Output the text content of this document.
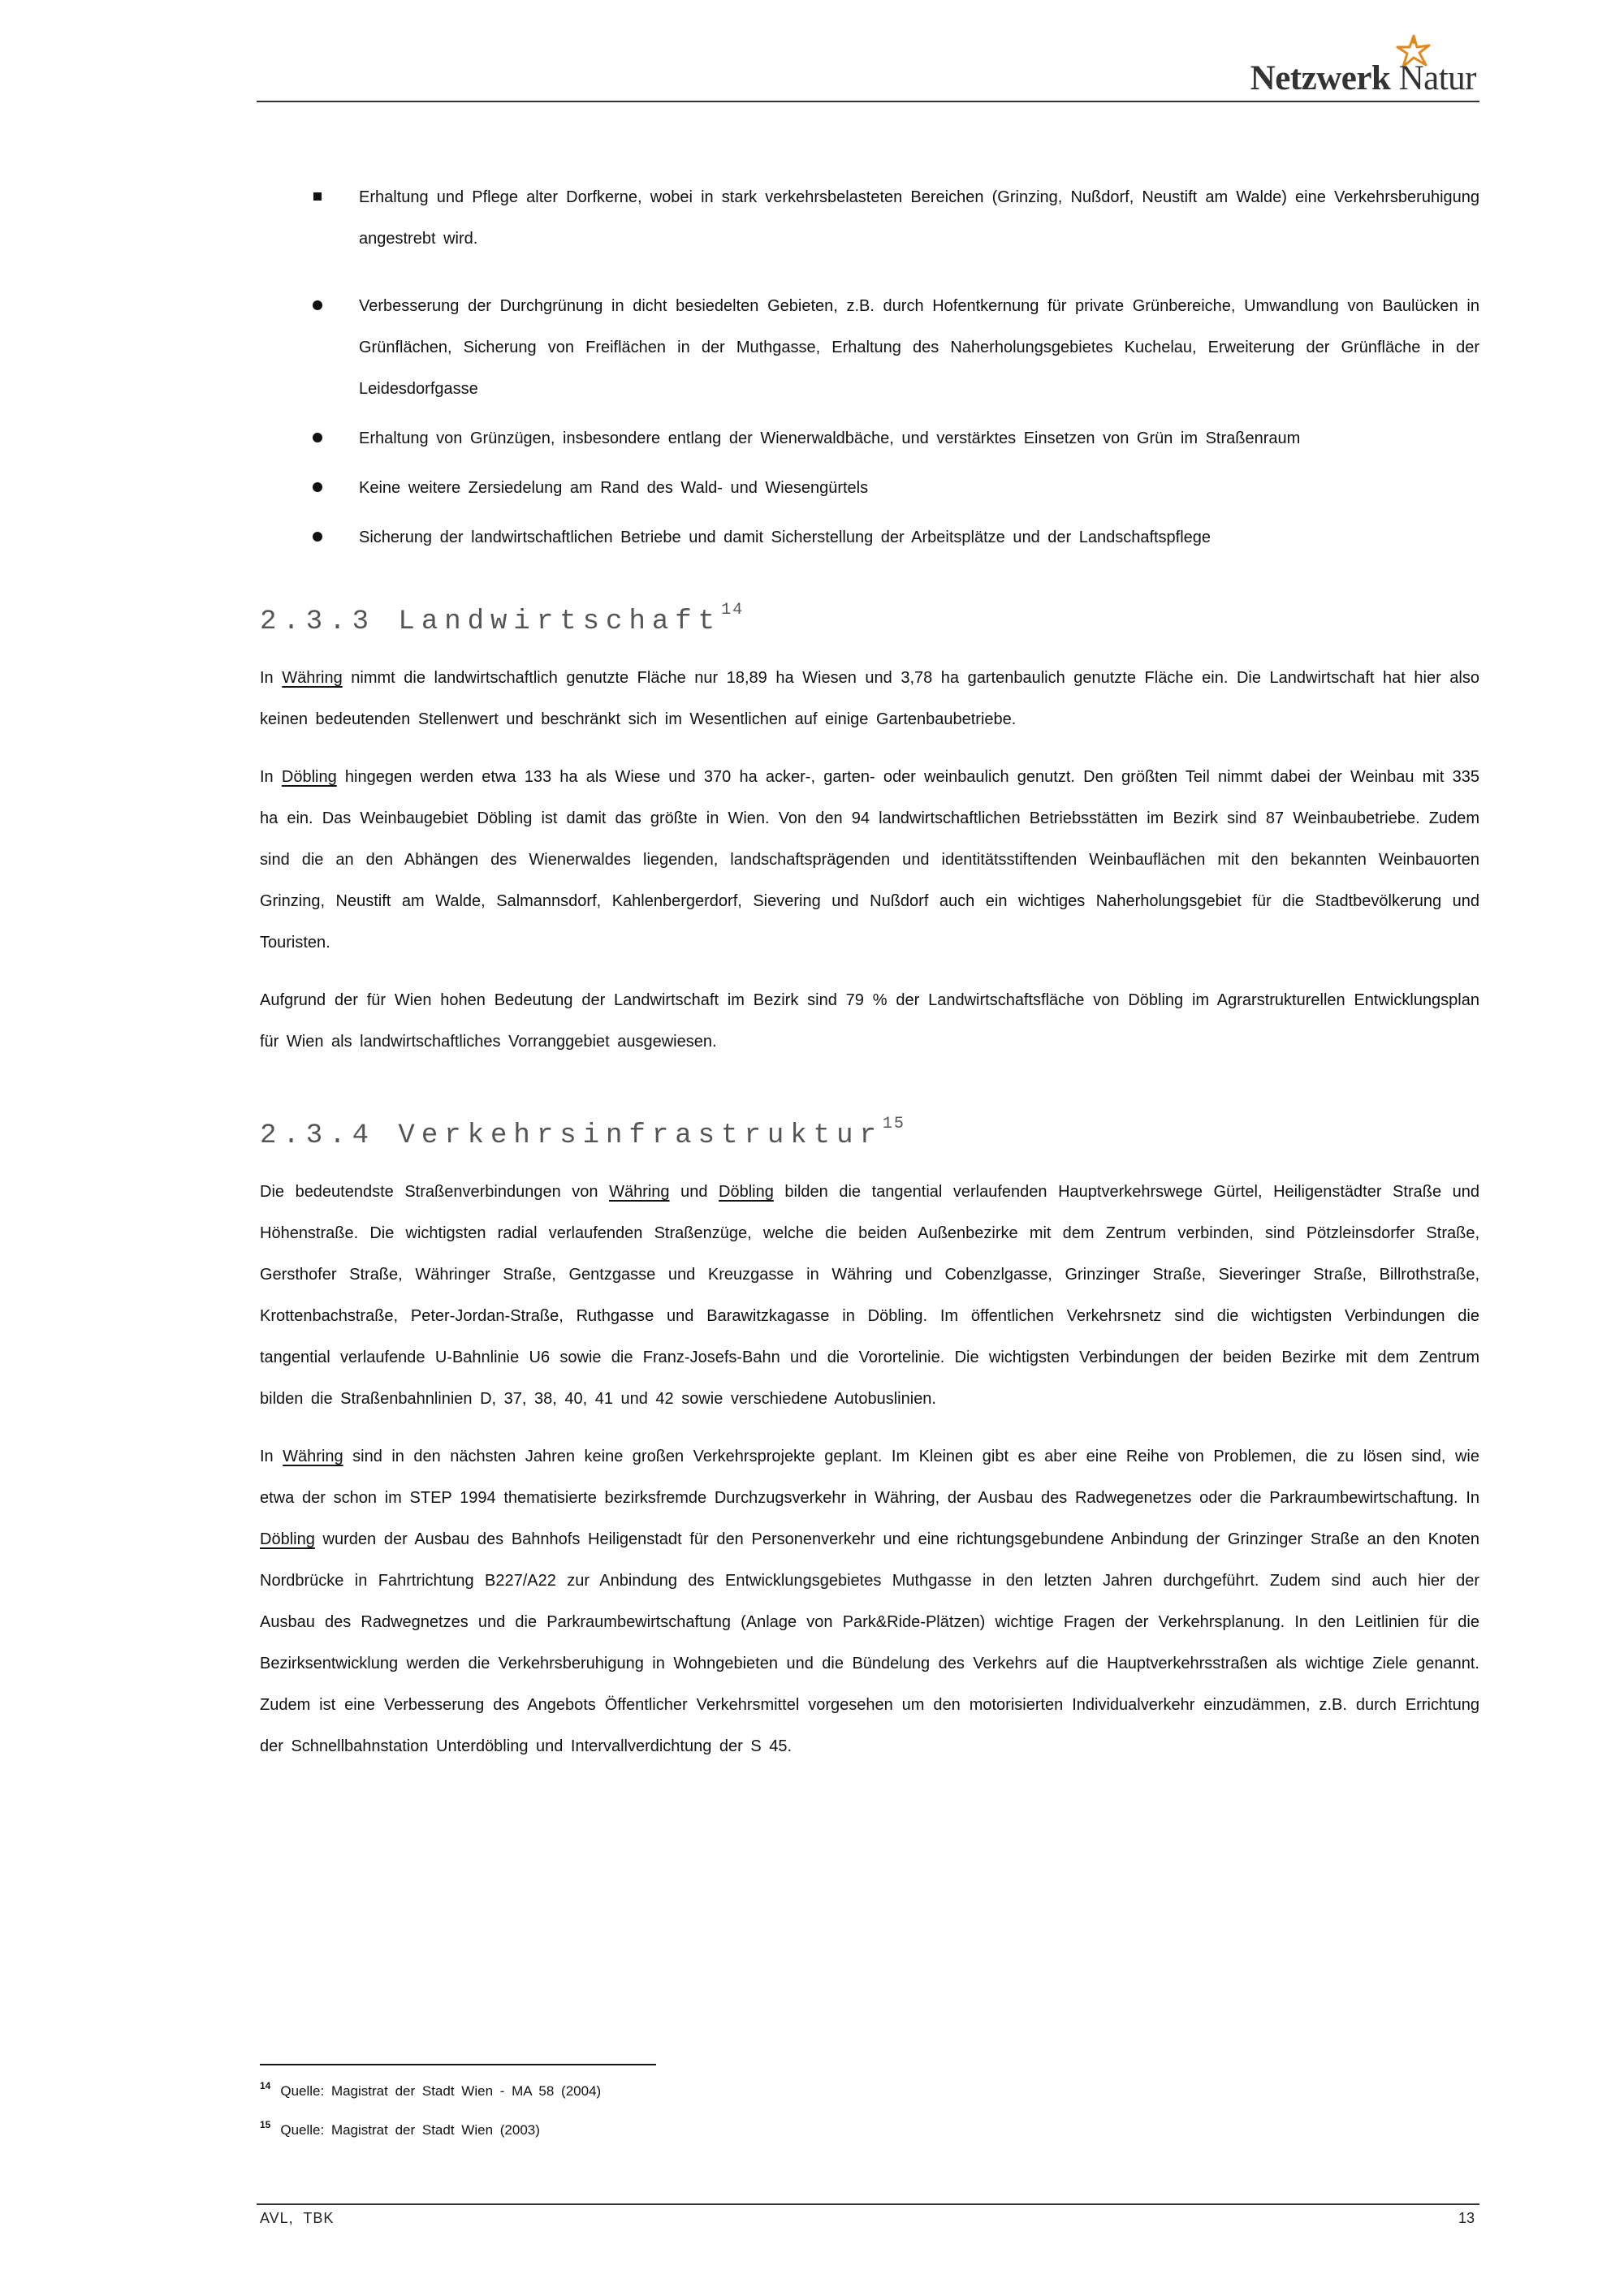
Netzwerk Natur

Erhaltung und Pflege alter Dorfkerne, wobei in stark verkehrsbelasteten Bereichen (Grinzing, Nußdorf, Neustift am Walde) eine Verkehrsberuhigung angestrebt wird.

Verbesserung der Durchgrünung in dicht besiedelten Gebieten, z.B. durch Hofentkernung für private Grünbereiche, Umwandlung von Baulücken in Grünflächen, Sicherung von Freiflächen in der Muthgasse, Erhaltung des Naherholungsgebietes Kuchelau, Erweiterung der Grünfläche in der Leidesdorfgasse

Erhaltung von Grünzügen, insbesondere entlang der Wienerwaldbäche, und verstärktes Einsetzen von Grün im Straßenraum

Keine weitere Zersiedelung am Rand des Wald- und Wiesengürtels

Sicherung der landwirtschaftlichen Betriebe und damit Sicherstellung der Arbeitsplätze und der Landschaftspflege

2.3.3 Landwirtschaft$^{14}$

In Währing nimmt die landwirtschaftlich genutzte Fläche nur 18,89 ha Wiesen und 3,78 ha gartenbaulich genutzte Fläche ein. Die Landwirtschaft hat hier also keinen bedeutenden Stellenwert und beschränkt sich im Wesentlichen auf einige Gartenbaubetriebe.

In Döbling hingegen werden etwa 133 ha als Wiese und 370 ha acker-, garten- oder weinbaulich genutzt. Den größten Teil nimmt dabei der Weinbau mit 335 ha ein. Das Weinbaugebiet Döbling ist damit das größte in Wien. Von den 94 landwirtschaftlichen Betriebsstätten im Bezirk sind 87 Weinbaubetriebe. Zudem sind die an den Abhängen des Wienerwaldes liegenden, landschaftsprägenden und identitätsstiftenden Weinbauflächen mit den bekannten Weinbauorten Grinzing, Neustift am Walde, Salmannsdorf, Kahlenbergerdorf, Sievering und Nußdorf auch ein wichtiges Naherholungsgebiet für die Stadtbevölkerung und Touristen.

Aufgrund der für Wien hohen Bedeutung der Landwirtschaft im Bezirk sind 79 % der Landwirtschaftsfläche von Döbling im Agrarstrukturellen Entwicklungsplan für Wien als landwirtschaftliches Vorranggebiet ausgewiesen.

2.3.4 Verkehrsinfrastruktur$^{15}$

Die bedeutendste Straßenverbindungen von Währing und Döbling bilden die tangential verlaufenden Hauptverkehrswege Gürtel, Heiligenstädter Straße und Höhenstraße. Die wichtigsten radial verlaufenden Straßenzüge, welche die beiden Außenbezirke mit dem Zentrum verbinden, sind Pötzleinsdorfer Straße, Gersthofer Straße, Währinger Straße, Gentzgasse und Kreuzgasse in Währing und Cobenzlgasse, Grinzinger Straße, Sieveringer Straße, Billrothstraße, Krottenbachstraße, Peter-Jordan-Straße, Ruthgasse und Barawitzkagasse in Döbling. Im öffentlichen Verkehrsnetz sind die wichtigsten Verbindungen die tangential verlaufende U-Bahnlinie U6 sowie die Franz-Josefs-Bahn und die Vorortelinie. Die wichtigsten Verbindungen der beiden Bezirke mit dem Zentrum bilden die Straßenbahnlinien D, 37, 38, 40, 41 und 42 sowie verschiedene Autobuslinien.

In Währing sind in den nächsten Jahren keine großen Verkehrsprojekte geplant. Im Kleinen gibt es aber eine Reihe von Problemen, die zu lösen sind, wie etwa der schon im STEP 1994 thematisierte bezirksfremde Durchzugsverkehr in Währing, der Ausbau des Radwegenetzes oder die Parkraumbewirtschaftung. In Döbling wurden der Ausbau des Bahnhofs Heiligenstadt für den Personenverkehr und eine richtungsgebundene Anbindung der Grinzinger Straße an den Knoten Nordbrücke in Fahrtrichtung B227/A22 zur Anbindung des Entwicklungsgebietes Muthgasse in den letzten Jahren durchgeführt. Zudem sind auch hier der Ausbau des Radwegnetzes und die Parkraumbewirtschaftung (Anlage von Park&Ride-Plätzen) wichtige Fragen der Verkehrsplanung. In den Leitlinien für die Bezirksentwicklung werden die Verkehrsberuhigung in Wohngebieten und die Bündelung des Verkehrs auf die Hauptverkehrsstraßen als wichtige Ziele genannt. Zudem ist eine Verbesserung des Angebots Öffentlicher Verkehrsmittel vorgesehen um den motorisierten Individualverkehr einzudämmen, z.B. durch Errichtung der Schnellbahnstation Unterdöbling und Intervallverdichtung der S 45.

$^{14}$ Quelle: Magistrat der Stadt Wien - MA 58 (2004)
$^{15}$ Quelle: Magistrat der Stadt Wien (2003)
AVL, TBK	13
